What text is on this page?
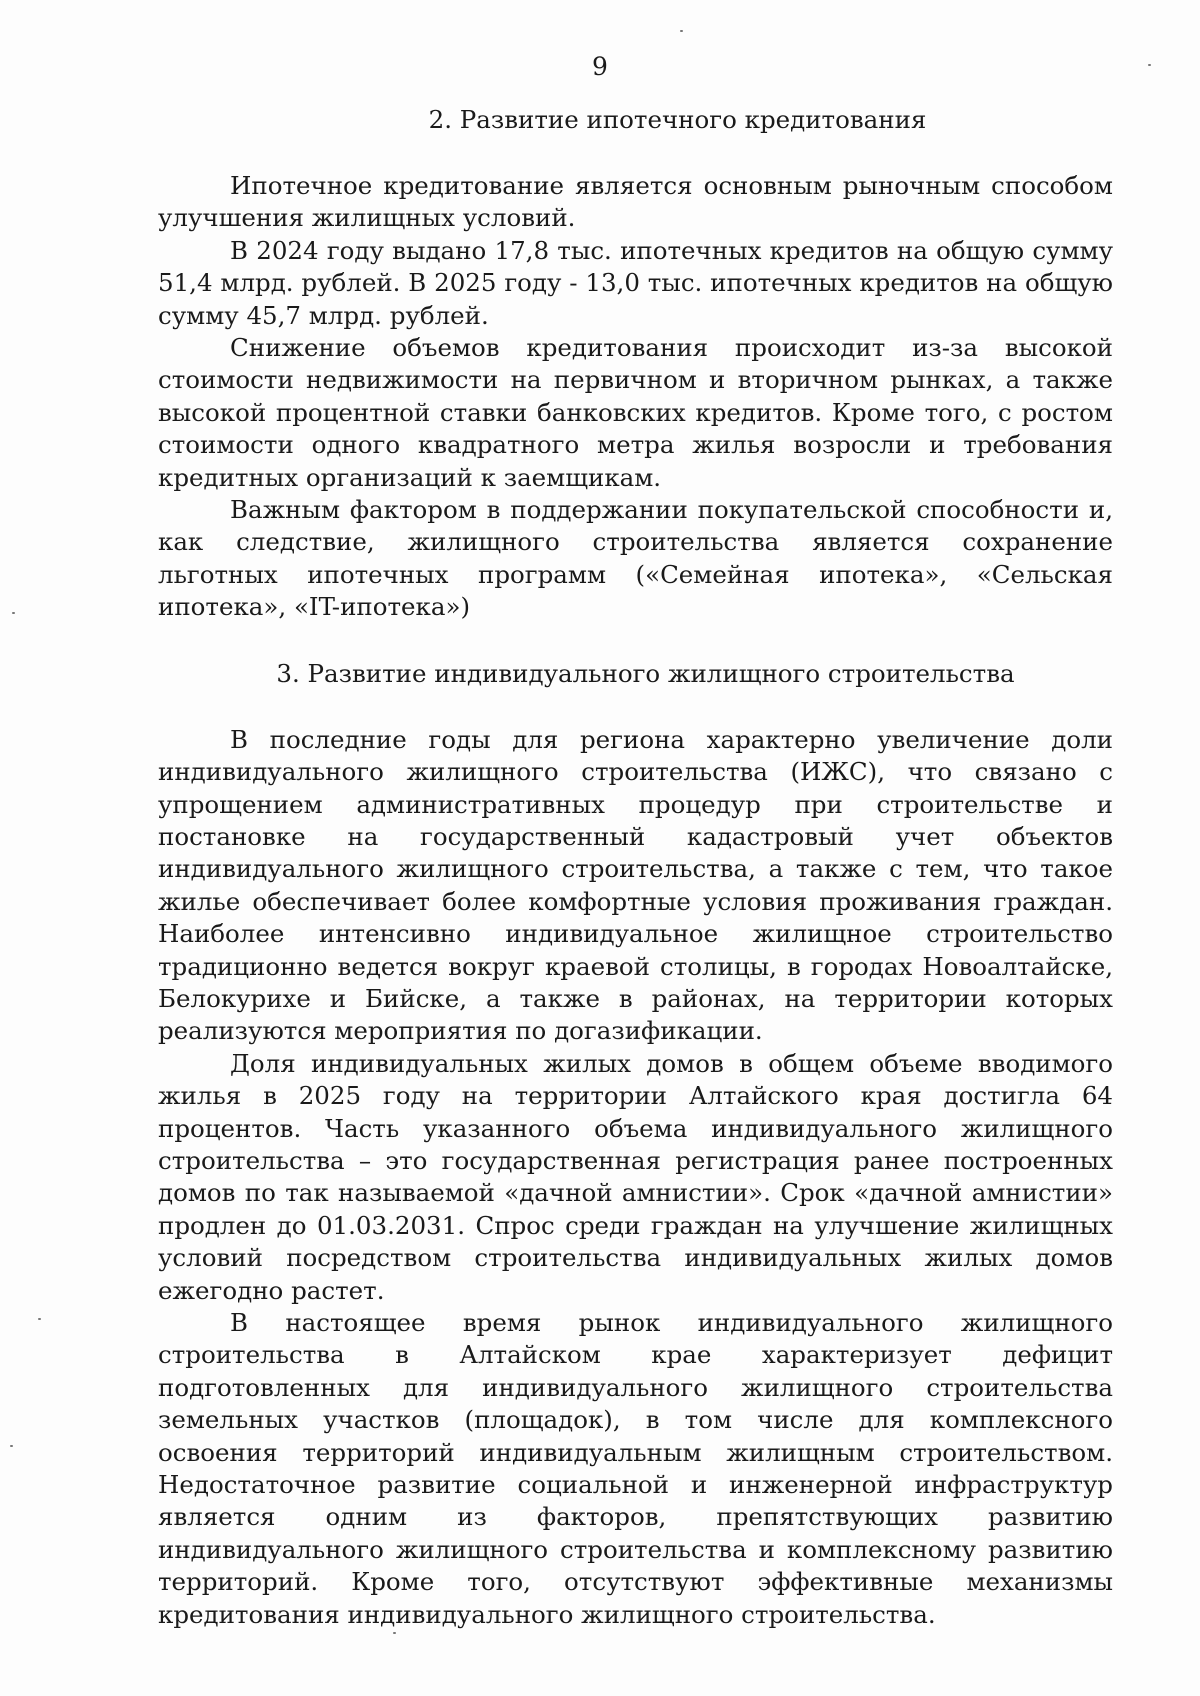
9
2. Развитие ипотечного кредитования

Ипотечное кредитование является основным рыночным способом улучшения жилищных условий.

В 2024 году выдано 17,8 тыс. ипотечных кредитов на общую сумму 51,4 млрд. рублей. В 2025 году - 13,0 тыс. ипотечных кредитов на общую сумму 45,7 млрд. рублей.

Снижение объемов кредитования происходит из-за высокой стоимости недвижимости на первичном и вторичном рынках, а также высокой процентной ставки банковских кредитов. Кроме того, с ростом стоимости одного квадратного метра жилья возросли и требования кредитных организаций к заемщикам.

Важным фактором в поддержании покупательской способности и, как следствие, жилищного строительства является сохранение льготных ипотечных программ («Семейная ипотека», «Сельская ипотека», «IT-ипотека»)

3. Развитие индивидуального жилищного строительства

В последние годы для региона характерно увеличение доли индивидуального жилищного строительства (ИЖС), что связано с упрощением административных процедур при строительстве и постановке на государственный кадастровый учет объектов индивидуального жилищного строительства, а также с тем, что такое жилье обеспечивает более комфортные условия проживания граждан. Наиболее интенсивно индивидуальное жилищное строительство традиционно ведется вокруг краевой столицы, в городах Новоалтайске, Белокурихе и Бийске, а также в районах, на территории которых реализуются мероприятия по догазификации.

Доля индивидуальных жилых домов в общем объеме вводимого жилья в 2025 году на территории Алтайского края достигла 64 процентов. Часть указанного объема индивидуального жилищного строительства – это государственная регистрация ранее построенных домов по так называемой «дачной амнистии». Срок «дачной амнистии» продлен до 01.03.2031. Спрос среди граждан на улучшение жилищных условий посредством строительства индивидуальных жилых домов ежегодно растет.

В настоящее время рынок индивидуального жилищного строительства в Алтайском крае характеризует дефицит подготовленных для индивидуального жилищного строительства земельных участков (площадок), в том числе для комплексного освоения территорий индивидуальным жилищным строительством. Недостаточное развитие социальной и инженерной инфраструктур является одним из факторов, препятствующих развитию индивидуального жилищного строительства и комплексному развитию территорий. Кроме того, отсутствуют эффективные механизмы кредитования индивидуального жилищного строительства.
